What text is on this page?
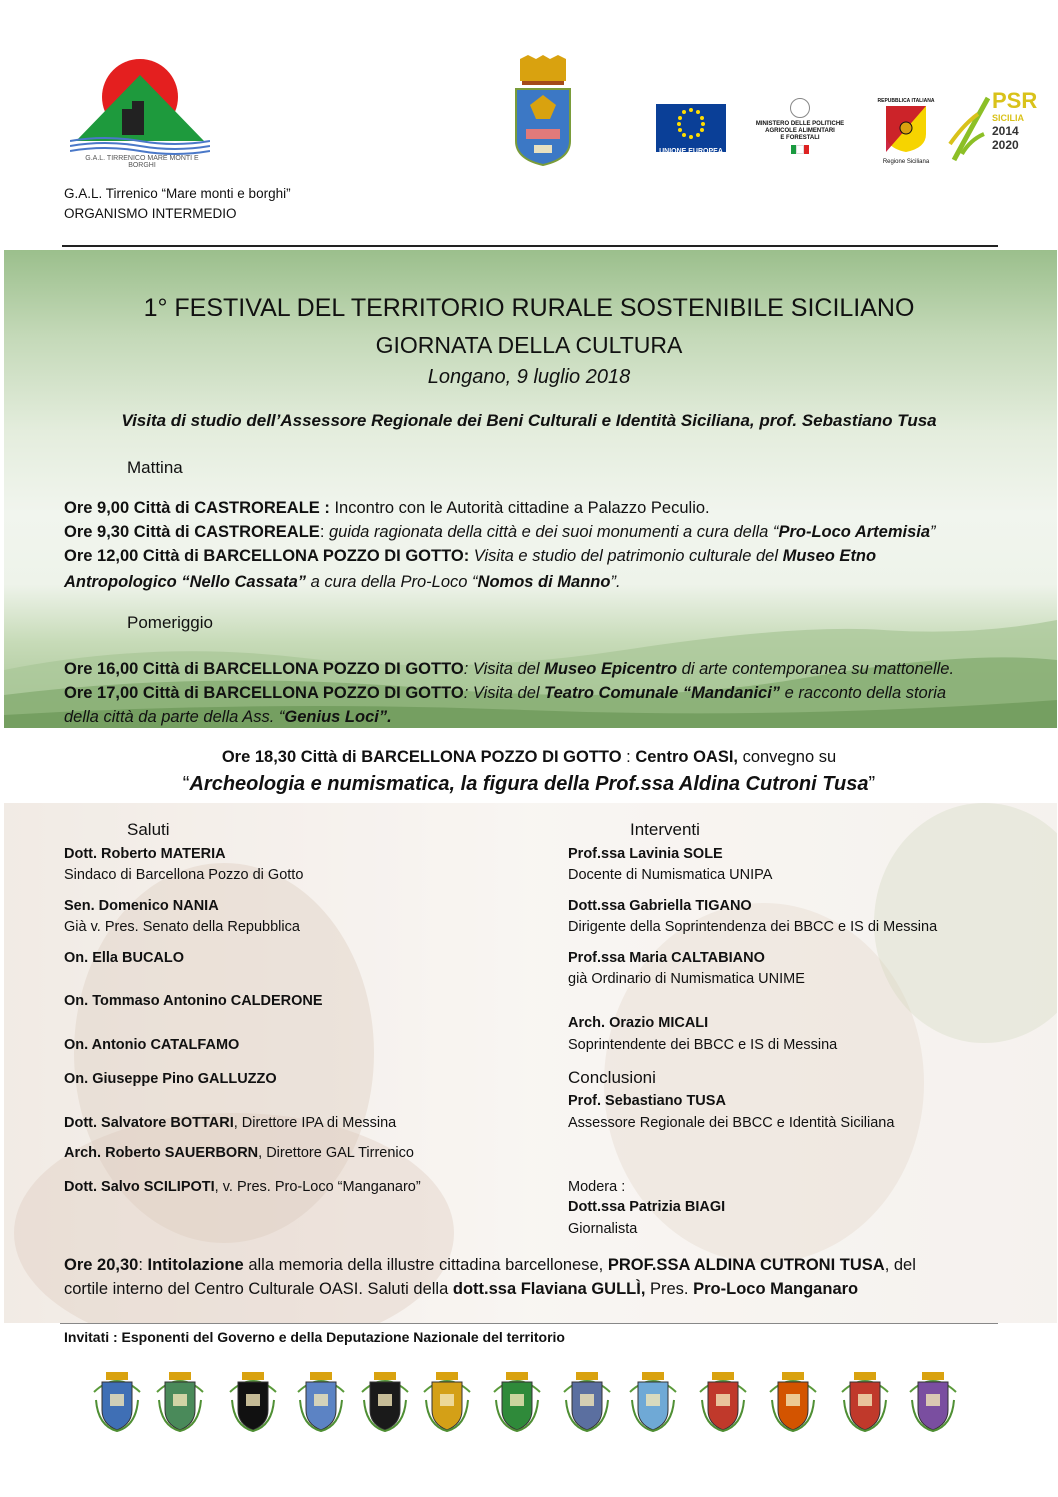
G.A.L. TIRRENICO MARE MONTI E BORGHI
UNIONE EUROPEA
MINISTERO DELLE POLITICHE
AGRICOLE ALIMENTARI
E FORESTALI
REPUBBLICA ITALIANA
Regione Siciliana
PSR
SICILIA
2014
2020
G.A.L. Tirrenico “Mare monti e borghi”
ORGANISMO INTERMEDIO
1° FESTIVAL DEL TERRITORIO RURALE SOSTENIBILE SICILIANO
GIORNATA DELLA CULTURA
Longano, 9 luglio 2018
Visita di studio dell’Assessore Regionale dei Beni Culturali e Identità Siciliana, prof. Sebastiano Tusa
Mattina
Ore 9,00 Città di CASTROREALE : Incontro con le Autorità cittadine a Palazzo Peculio.
Ore 9,30 Città di CASTROREALE: guida ragionata della città e dei suoi monumenti a cura della “Pro-Loco Artemisia”
Ore 12,00 Città di BARCELLONA POZZO DI GOTTO: Visita e studio del patrimonio culturale del Museo Etno
Antropologico “Nello Cassata” a cura della Pro-Loco “Nomos di Manno”.
Pomeriggio
Ore 16,00 Città di BARCELLONA POZZO DI GOTTO: Visita del Museo Epicentro di arte contemporanea su mattonelle.
Ore 17,00 Città di BARCELLONA POZZO DI GOTTO: Visita del Teatro Comunale “Mandanici” e racconto della storia
della città da parte della Ass. “Genius Loci”.
Ore 18,30 Città di BARCELLONA POZZO DI GOTTO : Centro OASI, convegno su
“Archeologia e numismatica, la figura della Prof.ssa Aldina Cutroni Tusa”
Saluti
Dott. Roberto MATERIA
Sindaco di Barcellona Pozzo di Gotto
Sen. Domenico NANIA
Già v. Pres. Senato della Repubblica
On. Ella BUCALO
On. Tommaso Antonino CALDERONE
On. Antonio CATALFAMO
On. Giuseppe Pino GALLUZZO
Dott. Salvatore BOTTARI, Direttore IPA di Messina
Arch. Roberto SAUERBORN, Direttore GAL Tirrenico
Dott. Salvo SCILIPOTI, v. Pres. Pro-Loco “Manganaro”
Interventi
Prof.ssa Lavinia SOLE
Docente di Numismatica UNIPA
Dott.ssa Gabriella TIGANO
Dirigente della Soprintendenza dei BBCC e IS di Messina
Prof.ssa Maria CALTABIANO
già Ordinario di Numismatica UNIME
Arch. Orazio MICALI
Soprintendente dei BBCC e IS di Messina
Conclusioni
Prof. Sebastiano TUSA
Assessore Regionale dei BBCC e Identità Siciliana
Modera :
Dott.ssa Patrizia BIAGI
Giornalista
Ore 20,30: Intitolazione alla memoria della illustre cittadina barcellonese, PROF.SSA ALDINA CUTRONI TUSA, del
cortile interno del Centro Culturale OASI. Saluti della dott.ssa Flaviana GULLÌ, Pres. Pro-Loco Manganaro
Invitati : Esponenti del Governo e della Deputazione Nazionale del territorio
